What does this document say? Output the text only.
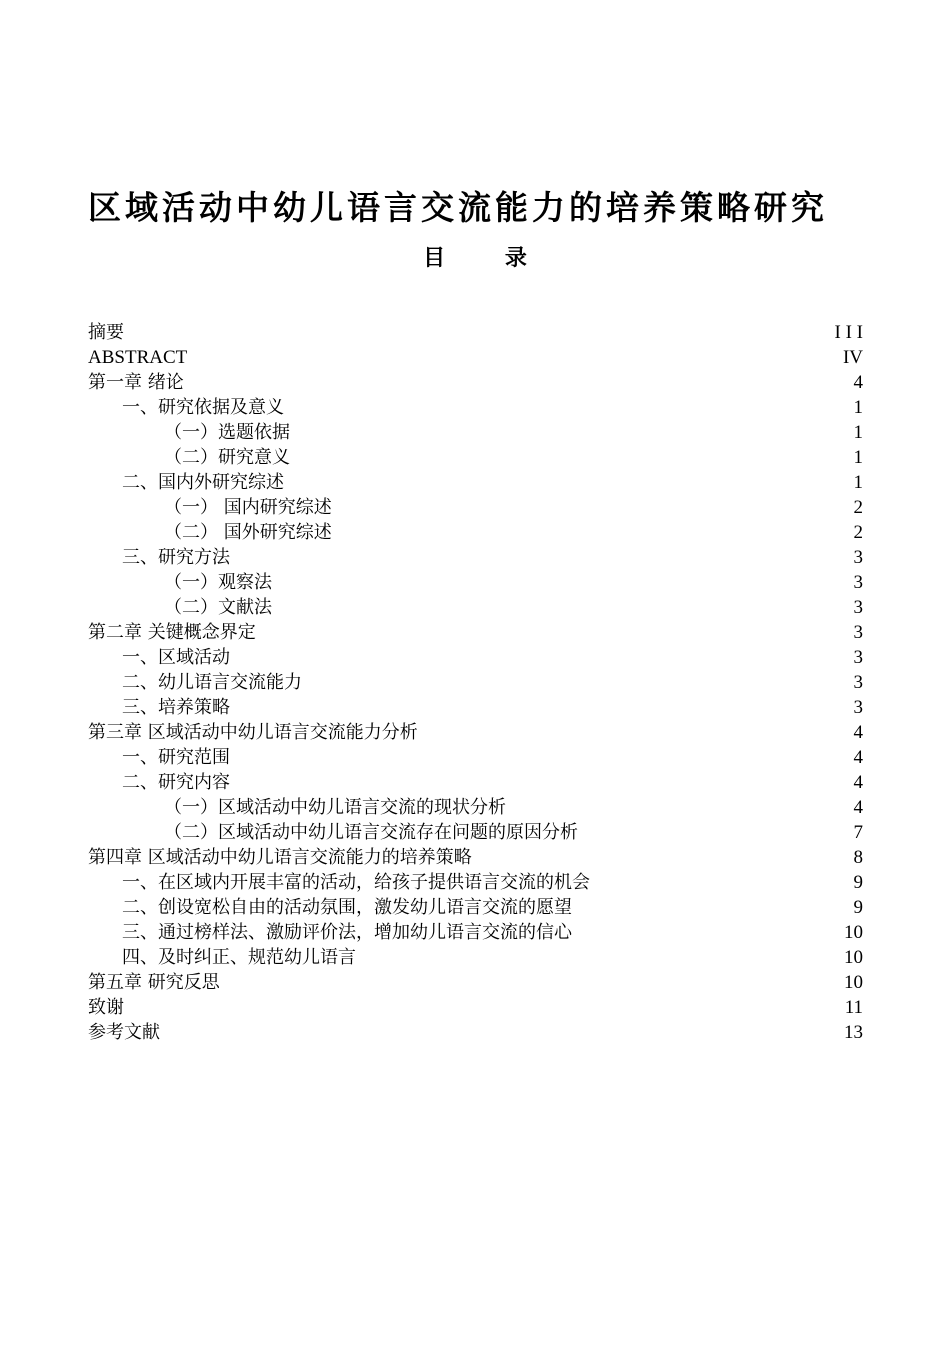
区域活动中幼儿语言交流能力的培养策略研究
目 录
摘要	I I I
ABSTRACT	IV
第一章 绪论	4
一、研究依据及意义	1
（一）选题依据	1
（二）研究意义	1
二、国内外研究综述	1
（一） 国内研究综述	2
（二） 国外研究综述	2
三、研究方法	3
（一）观察法	3
（二）文献法	3
第二章 关键概念界定	3
一、区域活动	3
二、幼儿语言交流能力	3
三、培养策略	3
第三章 区域活动中幼儿语言交流能力分析	4
一、研究范围	4
二、研究内容	4
（一）区域活动中幼儿语言交流的现状分析	4
（二）区域活动中幼儿语言交流存在问题的原因分析	7
第四章 区域活动中幼儿语言交流能力的培养策略	8
一、在区域内开展丰富的活动，给孩子提供语言交流的机会	9
二、创设宽松自由的活动氛围，激发幼儿语言交流的愿望	9
三、通过榜样法、激励评价法，增加幼儿语言交流的信心	10
四、及时纠正、规范幼儿语言	10
第五章 研究反思	10
致谢	11
参考文献	13
